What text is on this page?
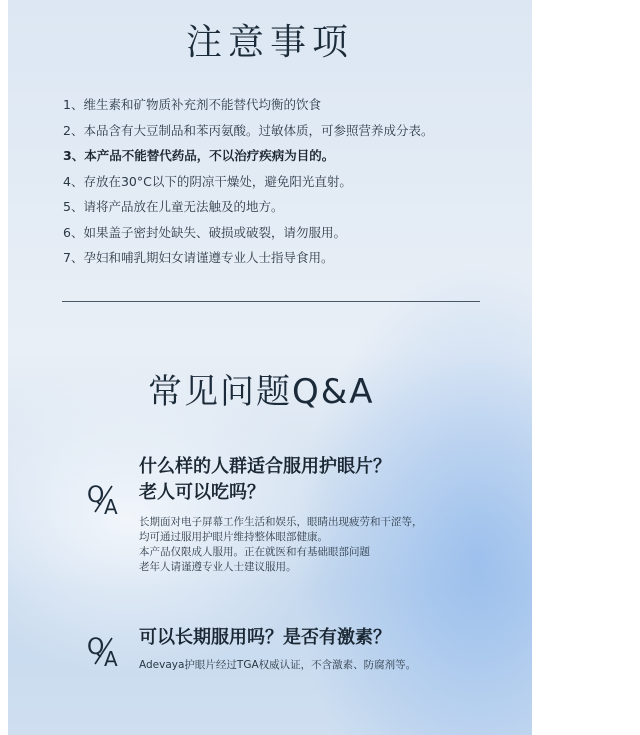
注意事项
1、维生素和矿物质补充剂不能替代均衡的饮食
2、本品含有大豆制品和苯丙氨酸。过敏体质，可参照营养成分表。
3、本产品不能替代药品，不以治疗疾病为目的。
4、存放在30°C以下的阴凉干燥处，避免阳光直射。
5、请将产品放在儿童无法触及的地方。
6、如果盖子密封处缺失、破损或破裂，请勿服用。
7、孕妇和哺乳期妇女请谨遵专业人士指导食用。
常见问题Q&A
Q A
什么样的人群适合服用护眼片？
老人可以吃吗？
长期面对电子屏幕工作生活和娱乐，眼睛出现疲劳和干涩等，
均可通过服用护眼片维持整体眼部健康。
本产品仅限成人服用。正在就医和有基础眼部问题
老年人请谨遵专业人士建议服用。
Q A
可以长期服用吗？是否有激素？
Adevaya护眼片经过TGA权威认证，不含激素、防腐剂等。
